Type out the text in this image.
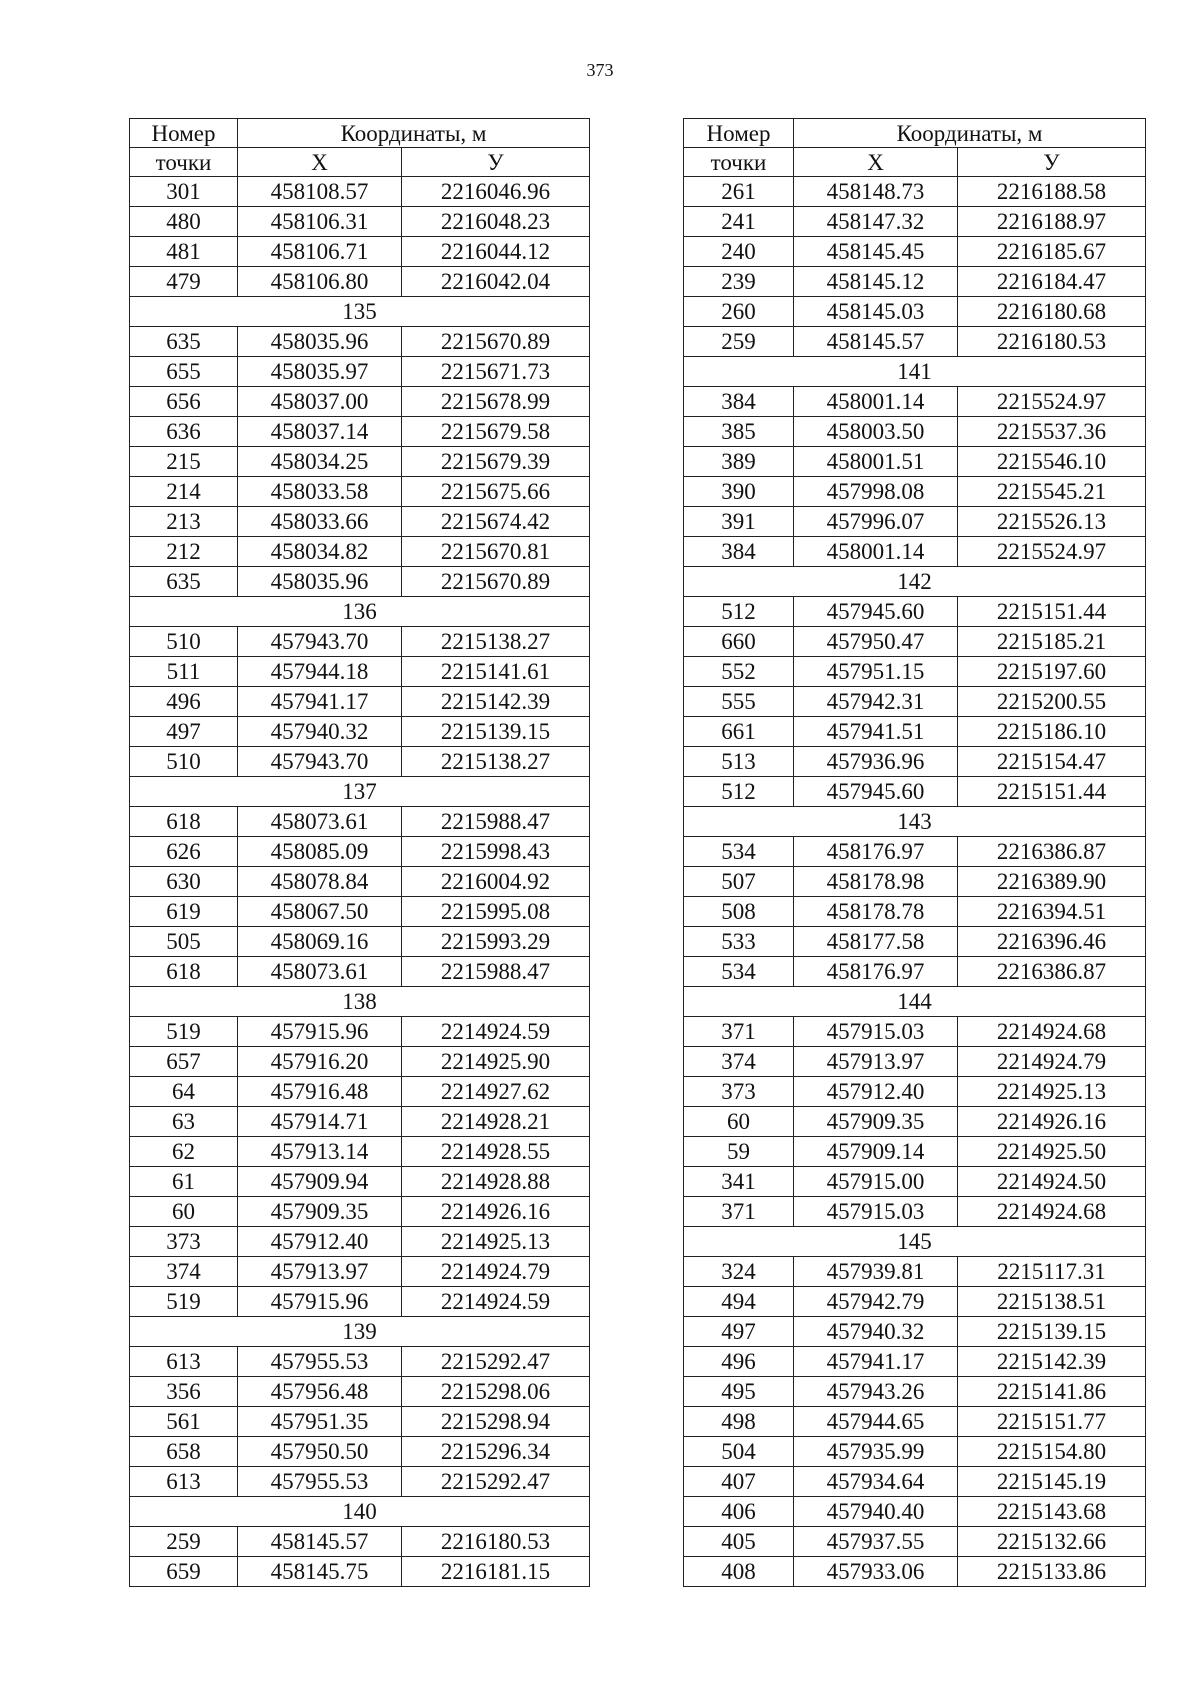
373
Номер	Координаты, м	
точки	X	У
301	458108.57	2216046.96
480	458106.31	2216048.23
481	458106.71	2216044.12
479	458106.80	2216042.04
135		
635	458035.96	2215670.89
655	458035.97	2215671.73
656	458037.00	2215678.99
636	458037.14	2215679.58
215	458034.25	2215679.39
214	458033.58	2215675.66
213	458033.66	2215674.42
212	458034.82	2215670.81
635	458035.96	2215670.89
136		
510	457943.70	2215138.27
511	457944.18	2215141.61
496	457941.17	2215142.39
497	457940.32	2215139.15
510	457943.70	2215138.27
137		
618	458073.61	2215988.47
626	458085.09	2215998.43
630	458078.84	2216004.92
619	458067.50	2215995.08
505	458069.16	2215993.29
618	458073.61	2215988.47
138		
519	457915.96	2214924.59
657	457916.20	2214925.90
64	457916.48	2214927.62
63	457914.71	2214928.21
62	457913.14	2214928.55
61	457909.94	2214928.88
60	457909.35	2214926.16
373	457912.40	2214925.13
374	457913.97	2214924.79
519	457915.96	2214924.59
139		
613	457955.53	2215292.47
356	457956.48	2215298.06
561	457951.35	2215298.94
658	457950.50	2215296.34
613	457955.53	2215292.47
140		
259	458145.57	2216180.53
659	458145.75	2216181.15
Номер	Координаты, м	
точки	X	У
261	458148.73	2216188.58
241	458147.32	2216188.97
240	458145.45	2216185.67
239	458145.12	2216184.47
260	458145.03	2216180.68
259	458145.57	2216180.53
141		
384	458001.14	2215524.97
385	458003.50	2215537.36
389	458001.51	2215546.10
390	457998.08	2215545.21
391	457996.07	2215526.13
384	458001.14	2215524.97
142		
512	457945.60	2215151.44
660	457950.47	2215185.21
552	457951.15	2215197.60
555	457942.31	2215200.55
661	457941.51	2215186.10
513	457936.96	2215154.47
512	457945.60	2215151.44
143		
534	458176.97	2216386.87
507	458178.98	2216389.90
508	458178.78	2216394.51
533	458177.58	2216396.46
534	458176.97	2216386.87
144		
371	457915.03	2214924.68
374	457913.97	2214924.79
373	457912.40	2214925.13
60	457909.35	2214926.16
59	457909.14	2214925.50
341	457915.00	2214924.50
371	457915.03	2214924.68
145		
324	457939.81	2215117.31
494	457942.79	2215138.51
497	457940.32	2215139.15
496	457941.17	2215142.39
495	457943.26	2215141.86
498	457944.65	2215151.77
504	457935.99	2215154.80
407	457934.64	2215145.19
406	457940.40	2215143.68
405	457937.55	2215132.66
408	457933.06	2215133.86
